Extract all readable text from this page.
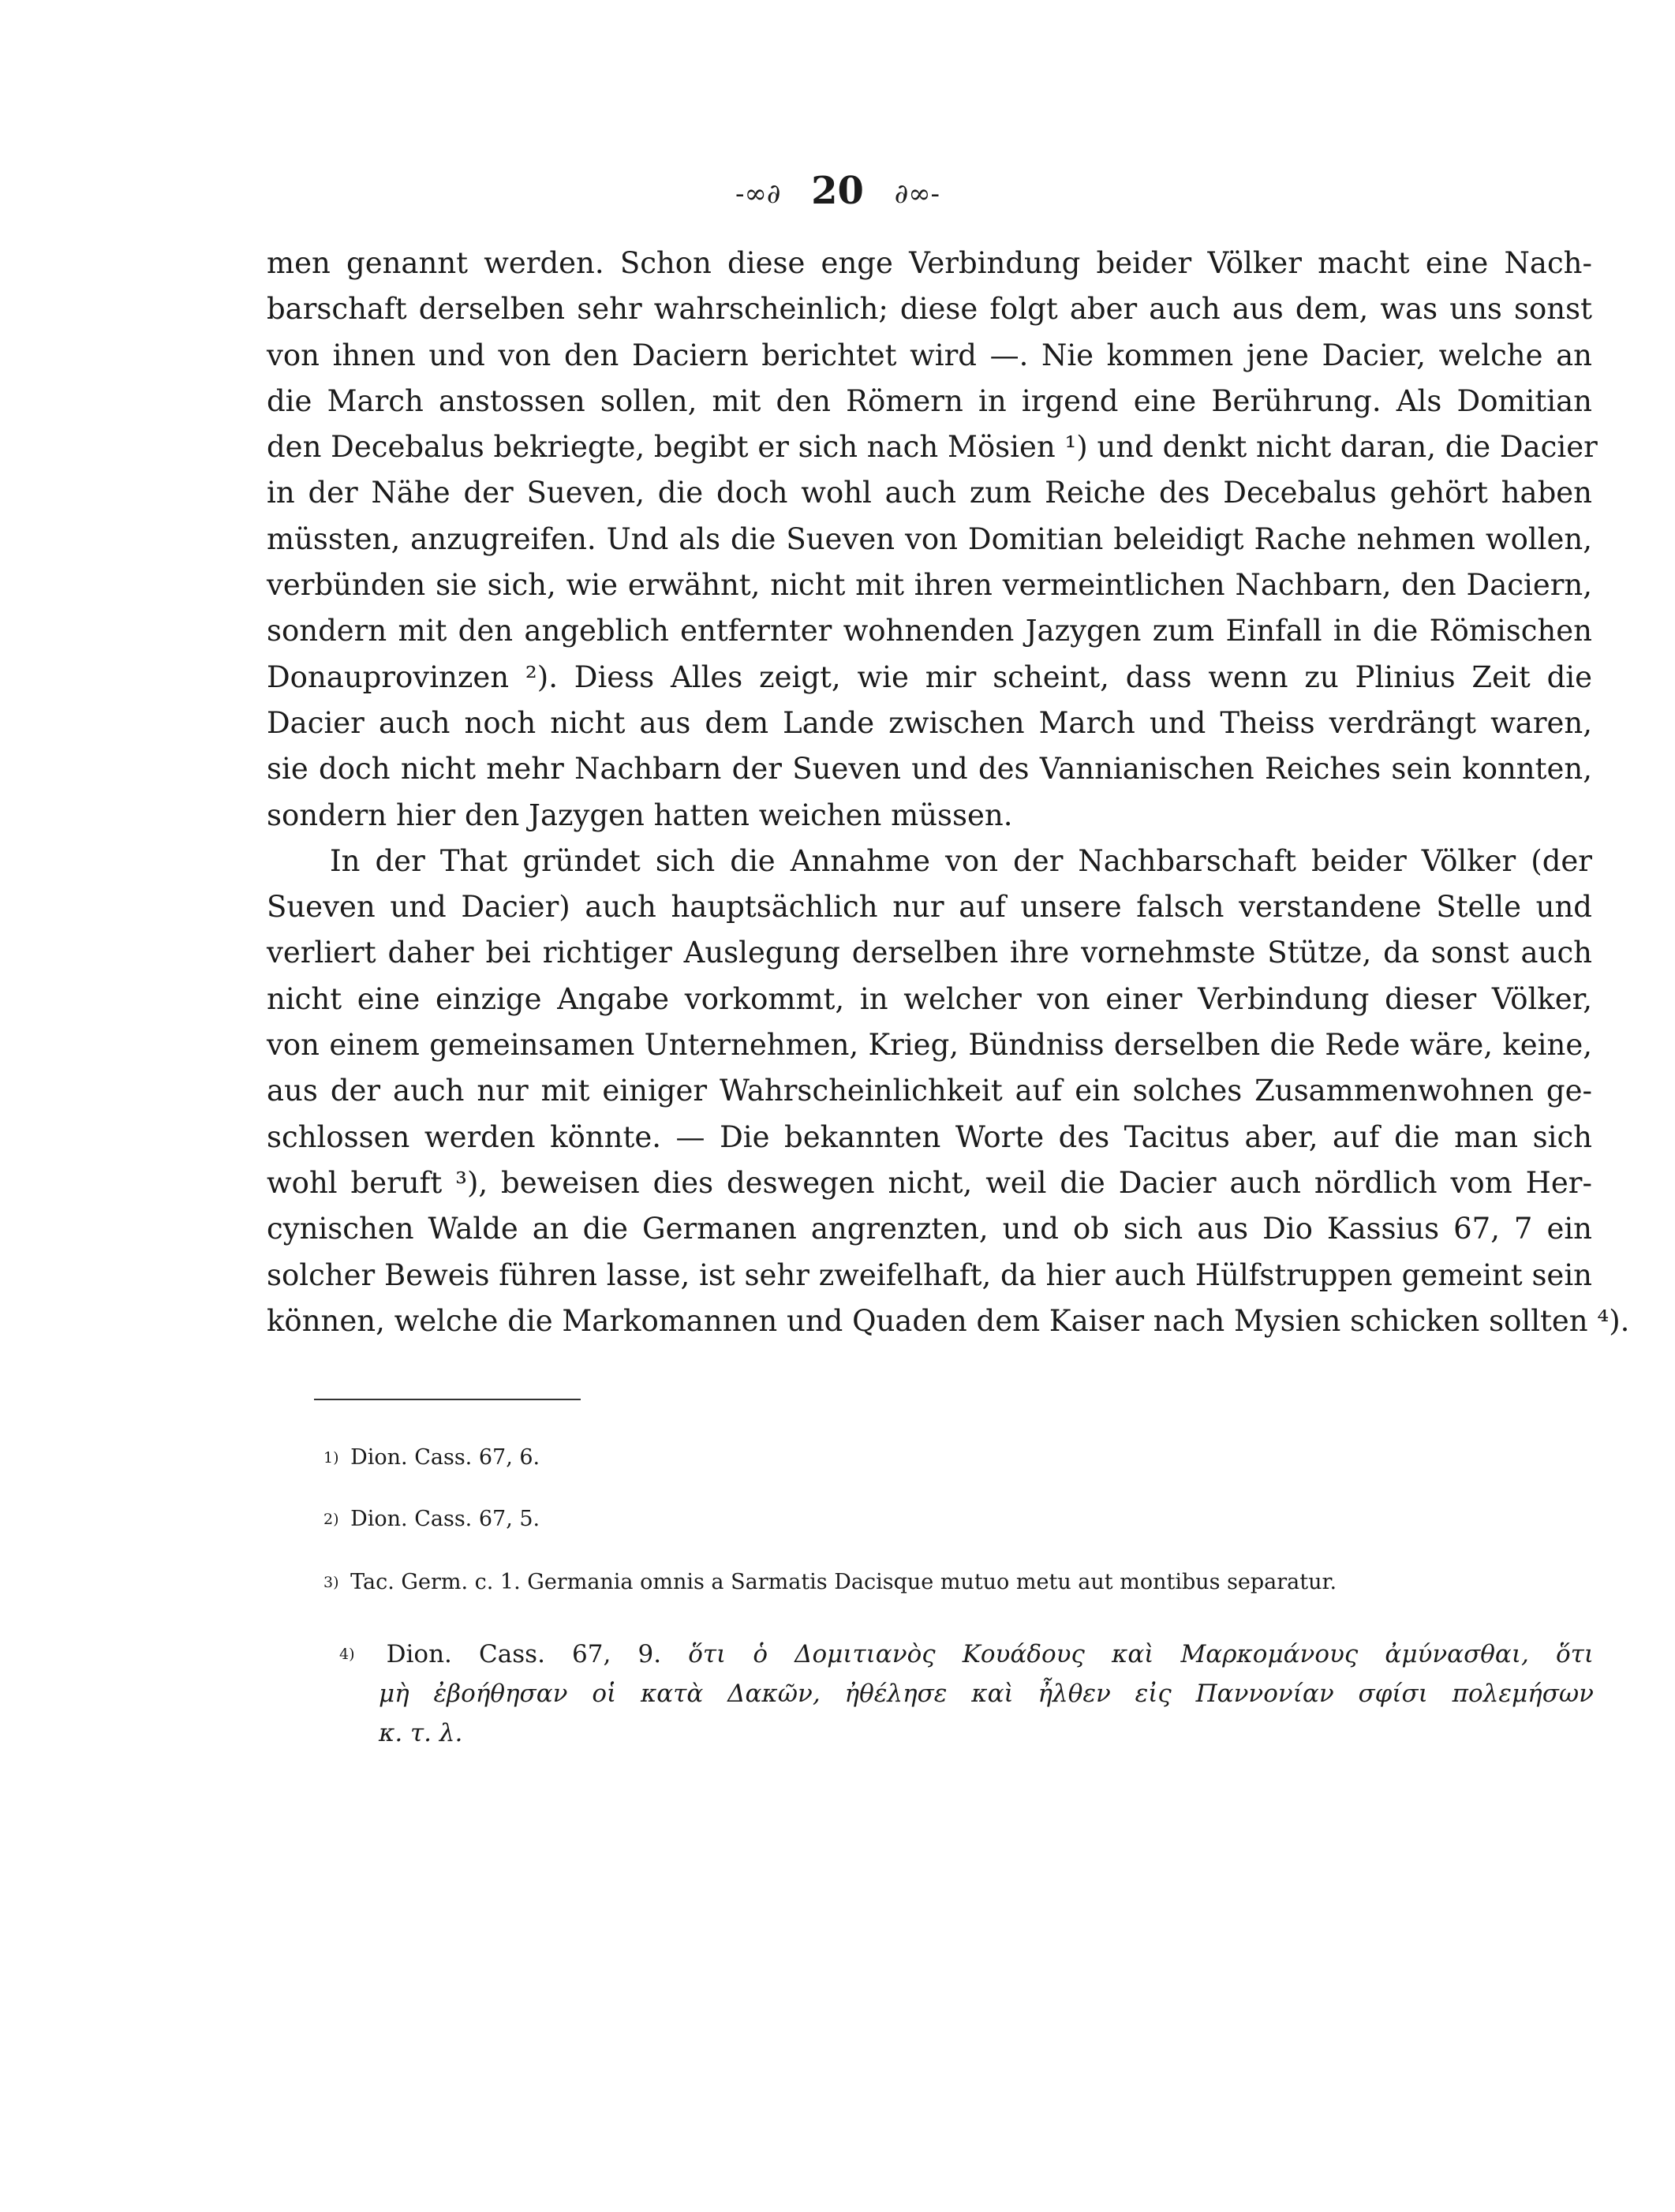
-∞∂ 20 ∂∞-
men genannt werden. Schon diese enge Verbindung beider Völker macht eine Nach-
barschaft derselben sehr wahrscheinlich; diese folgt aber auch aus dem, was uns sonst
von ihnen und von den Daciern berichtet wird —. Nie kommen jene Dacier, welche an
die March anstossen sollen, mit den Römern in irgend eine Berührung. Als Domitian
den Decebalus bekriegte, begibt er sich nach Mösien ¹) und denkt nicht daran, die Dacier
in der Nähe der Sueven, die doch wohl auch zum Reiche des Decebalus gehört haben
müssten, anzugreifen. Und als die Sueven von Domitian beleidigt Rache nehmen wollen,
verbünden sie sich, wie erwähnt, nicht mit ihren vermeintlichen Nachbarn, den Daciern,
sondern mit den angeblich entfernter wohnenden Jazygen zum Einfall in die Römischen
Donauprovinzen ²). Diess Alles zeigt, wie mir scheint, dass wenn zu Plinius Zeit die
Dacier auch noch nicht aus dem Lande zwischen March und Theiss verdrängt waren,
sie doch nicht mehr Nachbarn der Sueven und des Vannianischen Reiches sein konnten,
sondern hier den Jazygen hatten weichen müssen.
In der That gründet sich die Annahme von der Nachbarschaft beider Völker (der
Sueven und Dacier) auch hauptsächlich nur auf unsere falsch verstandene Stelle und
verliert daher bei richtiger Auslegung derselben ihre vornehmste Stütze, da sonst auch
nicht eine einzige Angabe vorkommt, in welcher von einer Verbindung dieser Völker,
von einem gemeinsamen Unternehmen, Krieg, Bündniss derselben die Rede wäre, keine,
aus der auch nur mit einiger Wahrscheinlichkeit auf ein solches Zusammenwohnen ge-
schlossen werden könnte. — Die bekannten Worte des Tacitus aber, auf die man sich
wohl beruft ³), beweisen dies deswegen nicht, weil die Dacier auch nördlich vom Her-
cynischen Walde an die Germanen angrenzten, und ob sich aus Dio Kassius 67, 7 ein
solcher Beweis führen lasse, ist sehr zweifelhaft, da hier auch Hülfstruppen gemeint sein
können, welche die Markomannen und Quaden dem Kaiser nach Mysien schicken sollten ⁴).
$^{1)}$ Dion. Cass. 67, 6.
$^{2)}$ Dion. Cass. 67, 5.
$^{3)}$ Tac. Germ. c. 1. Germania omnis a Sarmatis Dacisque mutuo metu aut montibus separatur.
$^{4)}$ Dion. Cass. 67, 9. ὅτι ὁ Δομιτιανὸς Κουάδους καὶ Μαρκομάνους ἀμύνασθαι, ὅτι
μὴ ἐβοήθησαν οἱ κατὰ Δακῶν, ἠθέλησε καὶ ἦλθεν εἰς Παννονίαν σφίσι πολεμήσων
κ. τ. λ.
